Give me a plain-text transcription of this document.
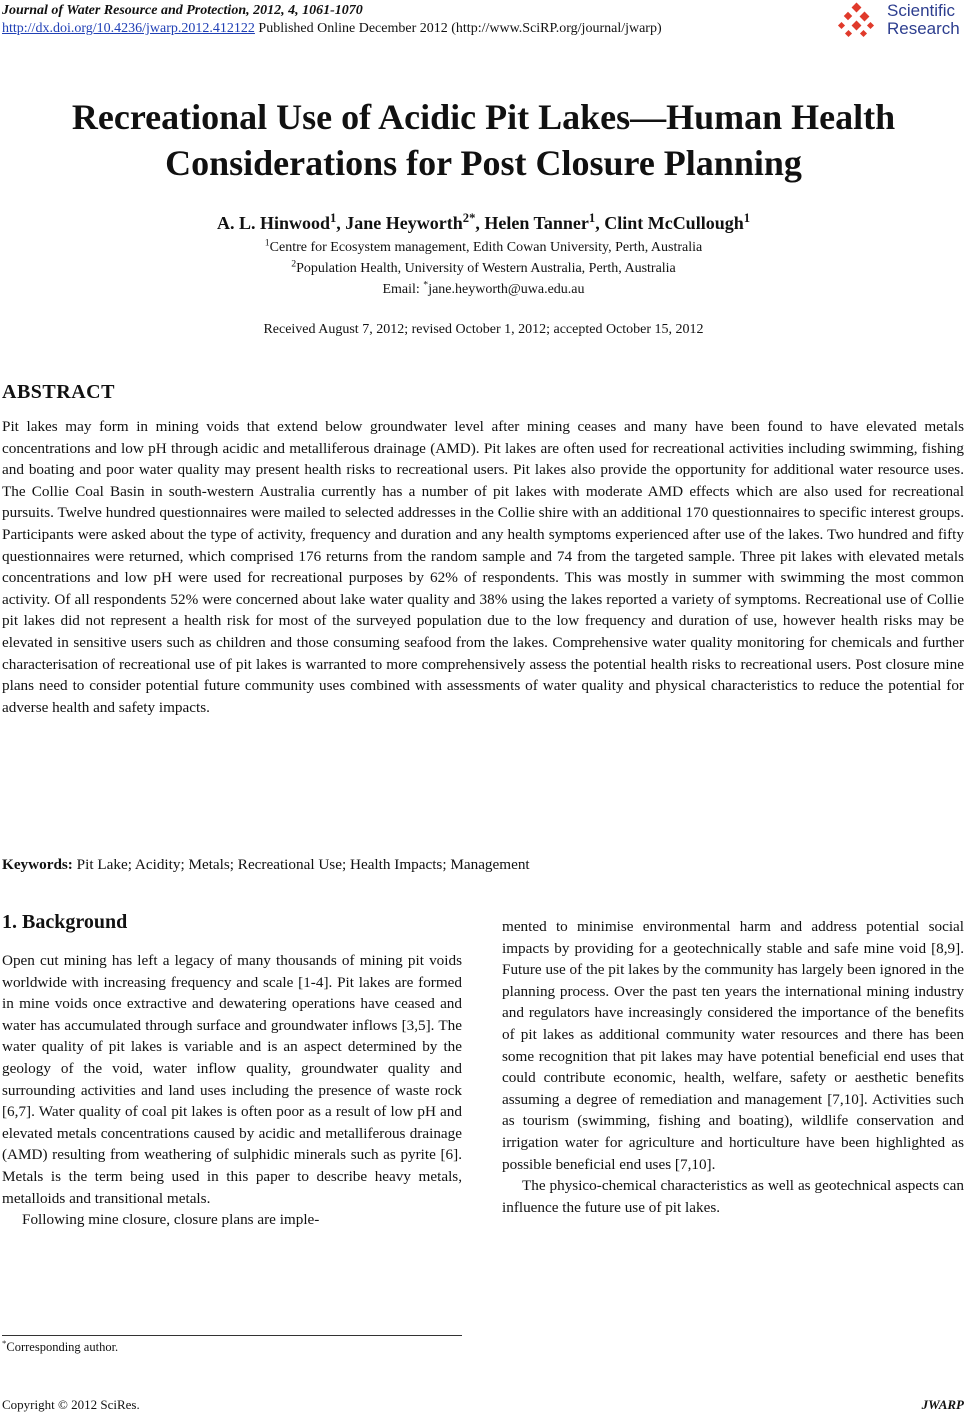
Journal of Water Resource and Protection, 2012, 4, 1061-1070
http://dx.doi.org/10.4236/jwarp.2012.412122 Published Online December 2012 (http://www.SciRP.org/journal/jwarp)
Scientific
Research
Recreational Use of Acidic Pit Lakes—Human Health
Considerations for Post Closure Planning
A. L. Hinwood$^1$, Jane Heyworth$^{2*}$, Helen Tanner$^1$, Clint McCullough$^1$
$^1$Centre for Ecosystem management, Edith Cowan University, Perth, Australia
$^2$Population Health, University of Western Australia, Perth, Australia
Email: *jane.heyworth@uwa.edu.au
Received August 7, 2012; revised October 1, 2012; accepted October 15, 2012
ABSTRACT
Pit lakes may form in mining voids that extend below groundwater level after mining ceases and many have been found to have elevated metals concentrations and low pH through acidic and metalliferous drainage (AMD). Pit lakes are often used for recreational activities including swimming, fishing and boating and poor water quality may present health risks to recreational users. Pit lakes also provide the opportunity for additional water resource uses. The Collie Coal Basin in south-western Australia currently has a number of pit lakes with moderate AMD effects which are also used for recreational pursuits. Twelve hundred questionnaires were mailed to selected addresses in the Collie shire with an additional 170 questionnaires to specific interest groups. Participants were asked about the type of activity, frequency and duration and any health symptoms experienced after use of the lakes. Two hundred and fifty questionnaires were returned, which comprised 176 returns from the random sample and 74 from the targeted sample. Three pit lakes with elevated metals concentrations and low pH were used for recreational purposes by 62% of respondents. This was mostly in summer with swimming the most common activity. Of all respondents 52% were concerned about lake water quality and 38% using the lakes reported a variety of symptoms. Recreational use of Collie pit lakes did not represent a health risk for most of the surveyed population due to the low frequency and duration of use, however health risks may be elevated in sensitive users such as children and those consuming seafood from the lakes. Comprehensive water quality monitoring for chemicals and further characterisation of recreational use of pit lakes is warranted to more comprehensively assess the potential health risks to recreational users. Post closure mine plans need to consider potential future community uses combined with assessments of water quality and physical characteristics to reduce the potential for adverse health and safety impacts.
Keywords: Pit Lake; Acidity; Metals; Recreational Use; Health Impacts; Management
1. Background

Open cut mining has left a legacy of many thousands of mining pit voids worldwide with increasing frequency and scale [1-4]. Pit lakes are formed in mine voids once extractive and dewatering operations have ceased and water has accumulated through surface and groundwater inflows [3,5]. The water quality of pit lakes is variable and is an aspect determined by the geology of the void, water inflow quality, groundwater quality and surrounding activities and land uses including the presence of waste rock [6,7]. Water quality of coal pit lakes is often poor as a result of low pH and elevated metals concentrations caused by acidic and metalliferous drainage (AMD) resulting from weathering of sulphidic minerals such as pyrite [6]. Metals is the term being used in this paper to describe heavy metals, metalloids and transitional metals.

Following mine closure, closure plans are imple-

mented to minimise environmental harm and address potential social impacts by providing for a geotechnically stable and safe mine void [8,9]. Future use of the pit lakes by the community has largely been ignored in the planning process. Over the past ten years the international mining industry and regulators have increasingly considered the importance of the benefits of pit lakes as additional community water resources and there has been some recognition that pit lakes may have potential beneficial end uses that could contribute economic, health, welfare, safety or aesthetic benefits assuming a degree of remediation and management [7,10]. Activities such as tourism (swimming, fishing and boating), wildlife conservation and irrigation water for agriculture and horticulture have been highlighted as possible beneficial end uses [7,10].

The physico-chemical characteristics as well as geotechnical aspects can influence the future use of pit lakes.

*Corresponding author.
Copyright © 2012 SciRes.	JWARP
